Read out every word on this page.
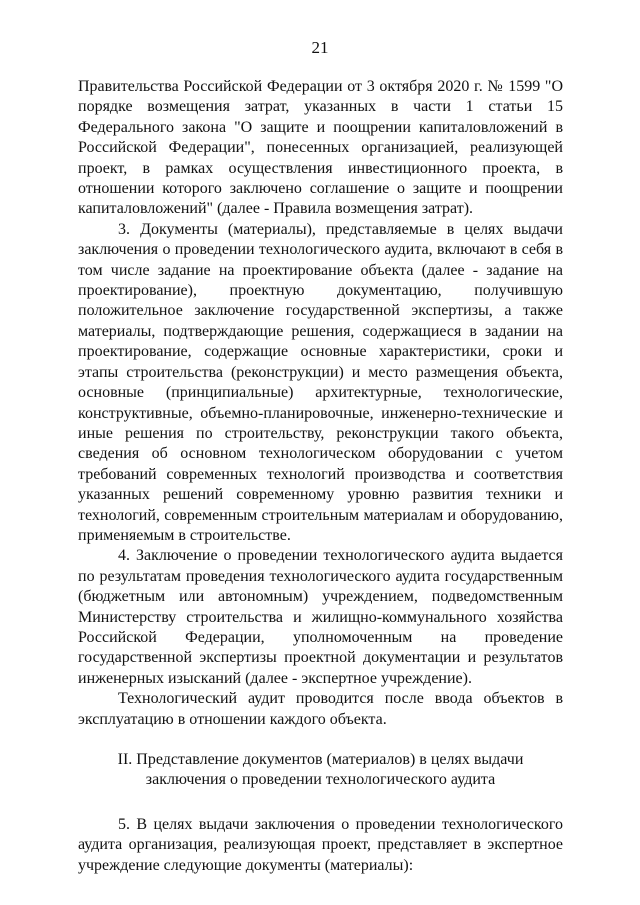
21

Правительства Российской Федерации от 3 октября 2020 г. № 1599 "О порядке возмещения затрат, указанных в части 1 статьи 15 Федерального закона "О защите и поощрении капиталовложений в Российской Федерации", понесенных организацией, реализующей проект, в рамках осуществления инвестиционного проекта, в отношении которого заключено соглашение о защите и поощрении капиталовложений" (далее - Правила возмещения затрат).

3. Документы (материалы), представляемые в целях выдачи заключения о проведении технологического аудита, включают в себя в том числе задание на проектирование объекта (далее - задание на проектирование), проектную документацию, получившую положительное заключение государственной экспертизы, а также материалы, подтверждающие решения, содержащиеся в задании на проектирование, содержащие основные характеристики, сроки и этапы строительства (реконструкции) и место размещения объекта, основные (принципиальные) архитектурные, технологические, конструктивные, объемно-планировочные, инженерно-технические и иные решения по строительству, реконструкции такого объекта, сведения об основном технологическом оборудовании с учетом требований современных технологий производства и соответствия указанных решений современному уровню развития техники и технологий, современным строительным материалам и оборудованию, применяемым в строительстве.

4. Заключение о проведении технологического аудита выдается по результатам проведения технологического аудита государственным (бюджетным или автономным) учреждением, подведомственным Министерству строительства и жилищно-коммунального хозяйства Российской Федерации, уполномоченным на проведение государственной экспертизы проектной документации и результатов инженерных изысканий (далее - экспертное учреждение).

Технологический аудит проводится после ввода объектов в эксплуатацию в отношении каждого объекта.

II. Представление документов (материалов) в целях выдачи
заключения о проведении технологического аудита

5. В целях выдачи заключения о проведении технологического аудита организация, реализующая проект, представляет в экспертное учреждение следующие документы (материалы):
